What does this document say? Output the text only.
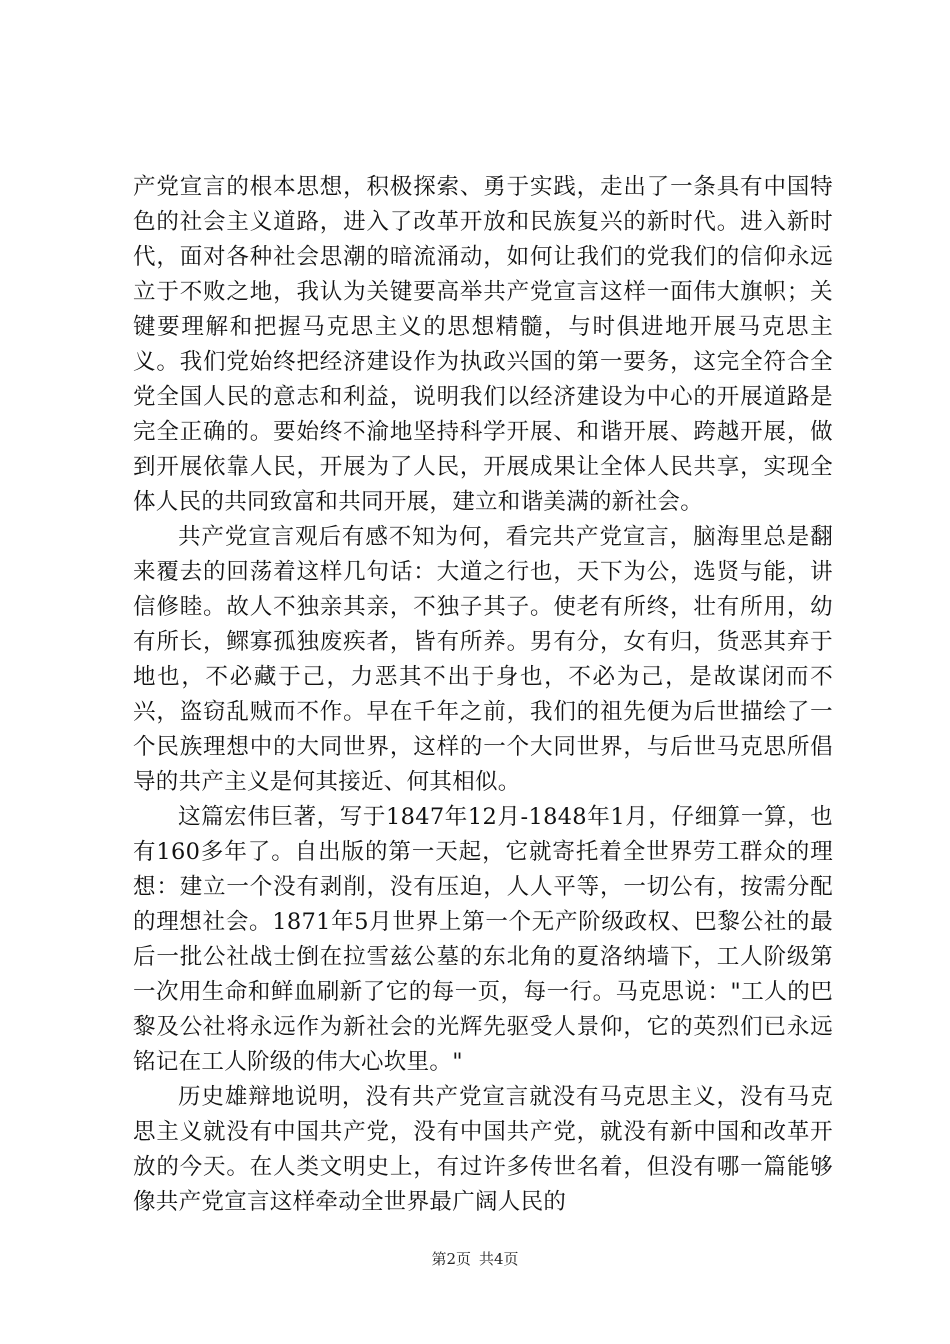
产党宣言的根本思想，积极探索、勇于实践，走出了一条具有中国特色的社会主义道路，进入了改革开放和民族复兴的新时代。进入新时代，面对各种社会思潮的暗流涌动，如何让我们的党我们的信仰永远立于不败之地，我认为关键要高举共产党宣言这样一面伟大旗帜；关键要理解和把握马克思主义的思想精髓，与时俱进地开展马克思主义。我们党始终把经济建设作为执政兴国的第一要务，这完全符合全党全国人民的意志和利益，说明我们以经济建设为中心的开展道路是完全正确的。要始终不渝地坚持科学开展、和谐开展、跨越开展，做到开展依靠人民，开展为了人民，开展成果让全体人民共享，实现全体人民的共同致富和共同开展，建立和谐美满的新社会。

共产党宣言观后有感不知为何，看完共产党宣言，脑海里总是翻来覆去的回荡着这样几句话：大道之行也，天下为公，选贤与能，讲信修睦。故人不独亲其亲，不独子其子。使老有所终，壮有所用，幼有所长，鳏寡孤独废疾者，皆有所养。男有分，女有归，货恶其弃于地也，不必藏于己，力恶其不出于身也，不必为己，是故谋闭而不兴，盗窃乱贼而不作。早在千年之前，我们的祖先便为后世描绘了一个民族理想中的大同世界，这样的一个大同世界，与后世马克思所倡导的共产主义是何其接近、何其相似。

这篇宏伟巨著，写于1847年12月-1848年1月，仔细算一算，也有160多年了。自出版的第一天起，它就寄托着全世界劳工群众的理想：建立一个没有剥削，没有压迫，人人平等，一切公有，按需分配的理想社会。1871年5月世界上第一个无产阶级政权、巴黎公社的最后一批公社战士倒在拉雪兹公墓的东北角的夏洛纳墙下，工人阶级第一次用生命和鲜血刷新了它的每一页，每一行。马克思说："工人的巴黎及公社将永远作为新社会的光辉先驱受人景仰，它的英烈们已永远铭记在工人阶级的伟大心坎里。"

历史雄辩地说明，没有共产党宣言就没有马克思主义，没有马克思主义就没有中国共产党，没有中国共产党，就没有新中国和改革开放的今天。在人类文明史上，有过许多传世名着，但没有哪一篇能够像共产党宣言这样牵动全世界最广阔人民的

第2页 共4页
